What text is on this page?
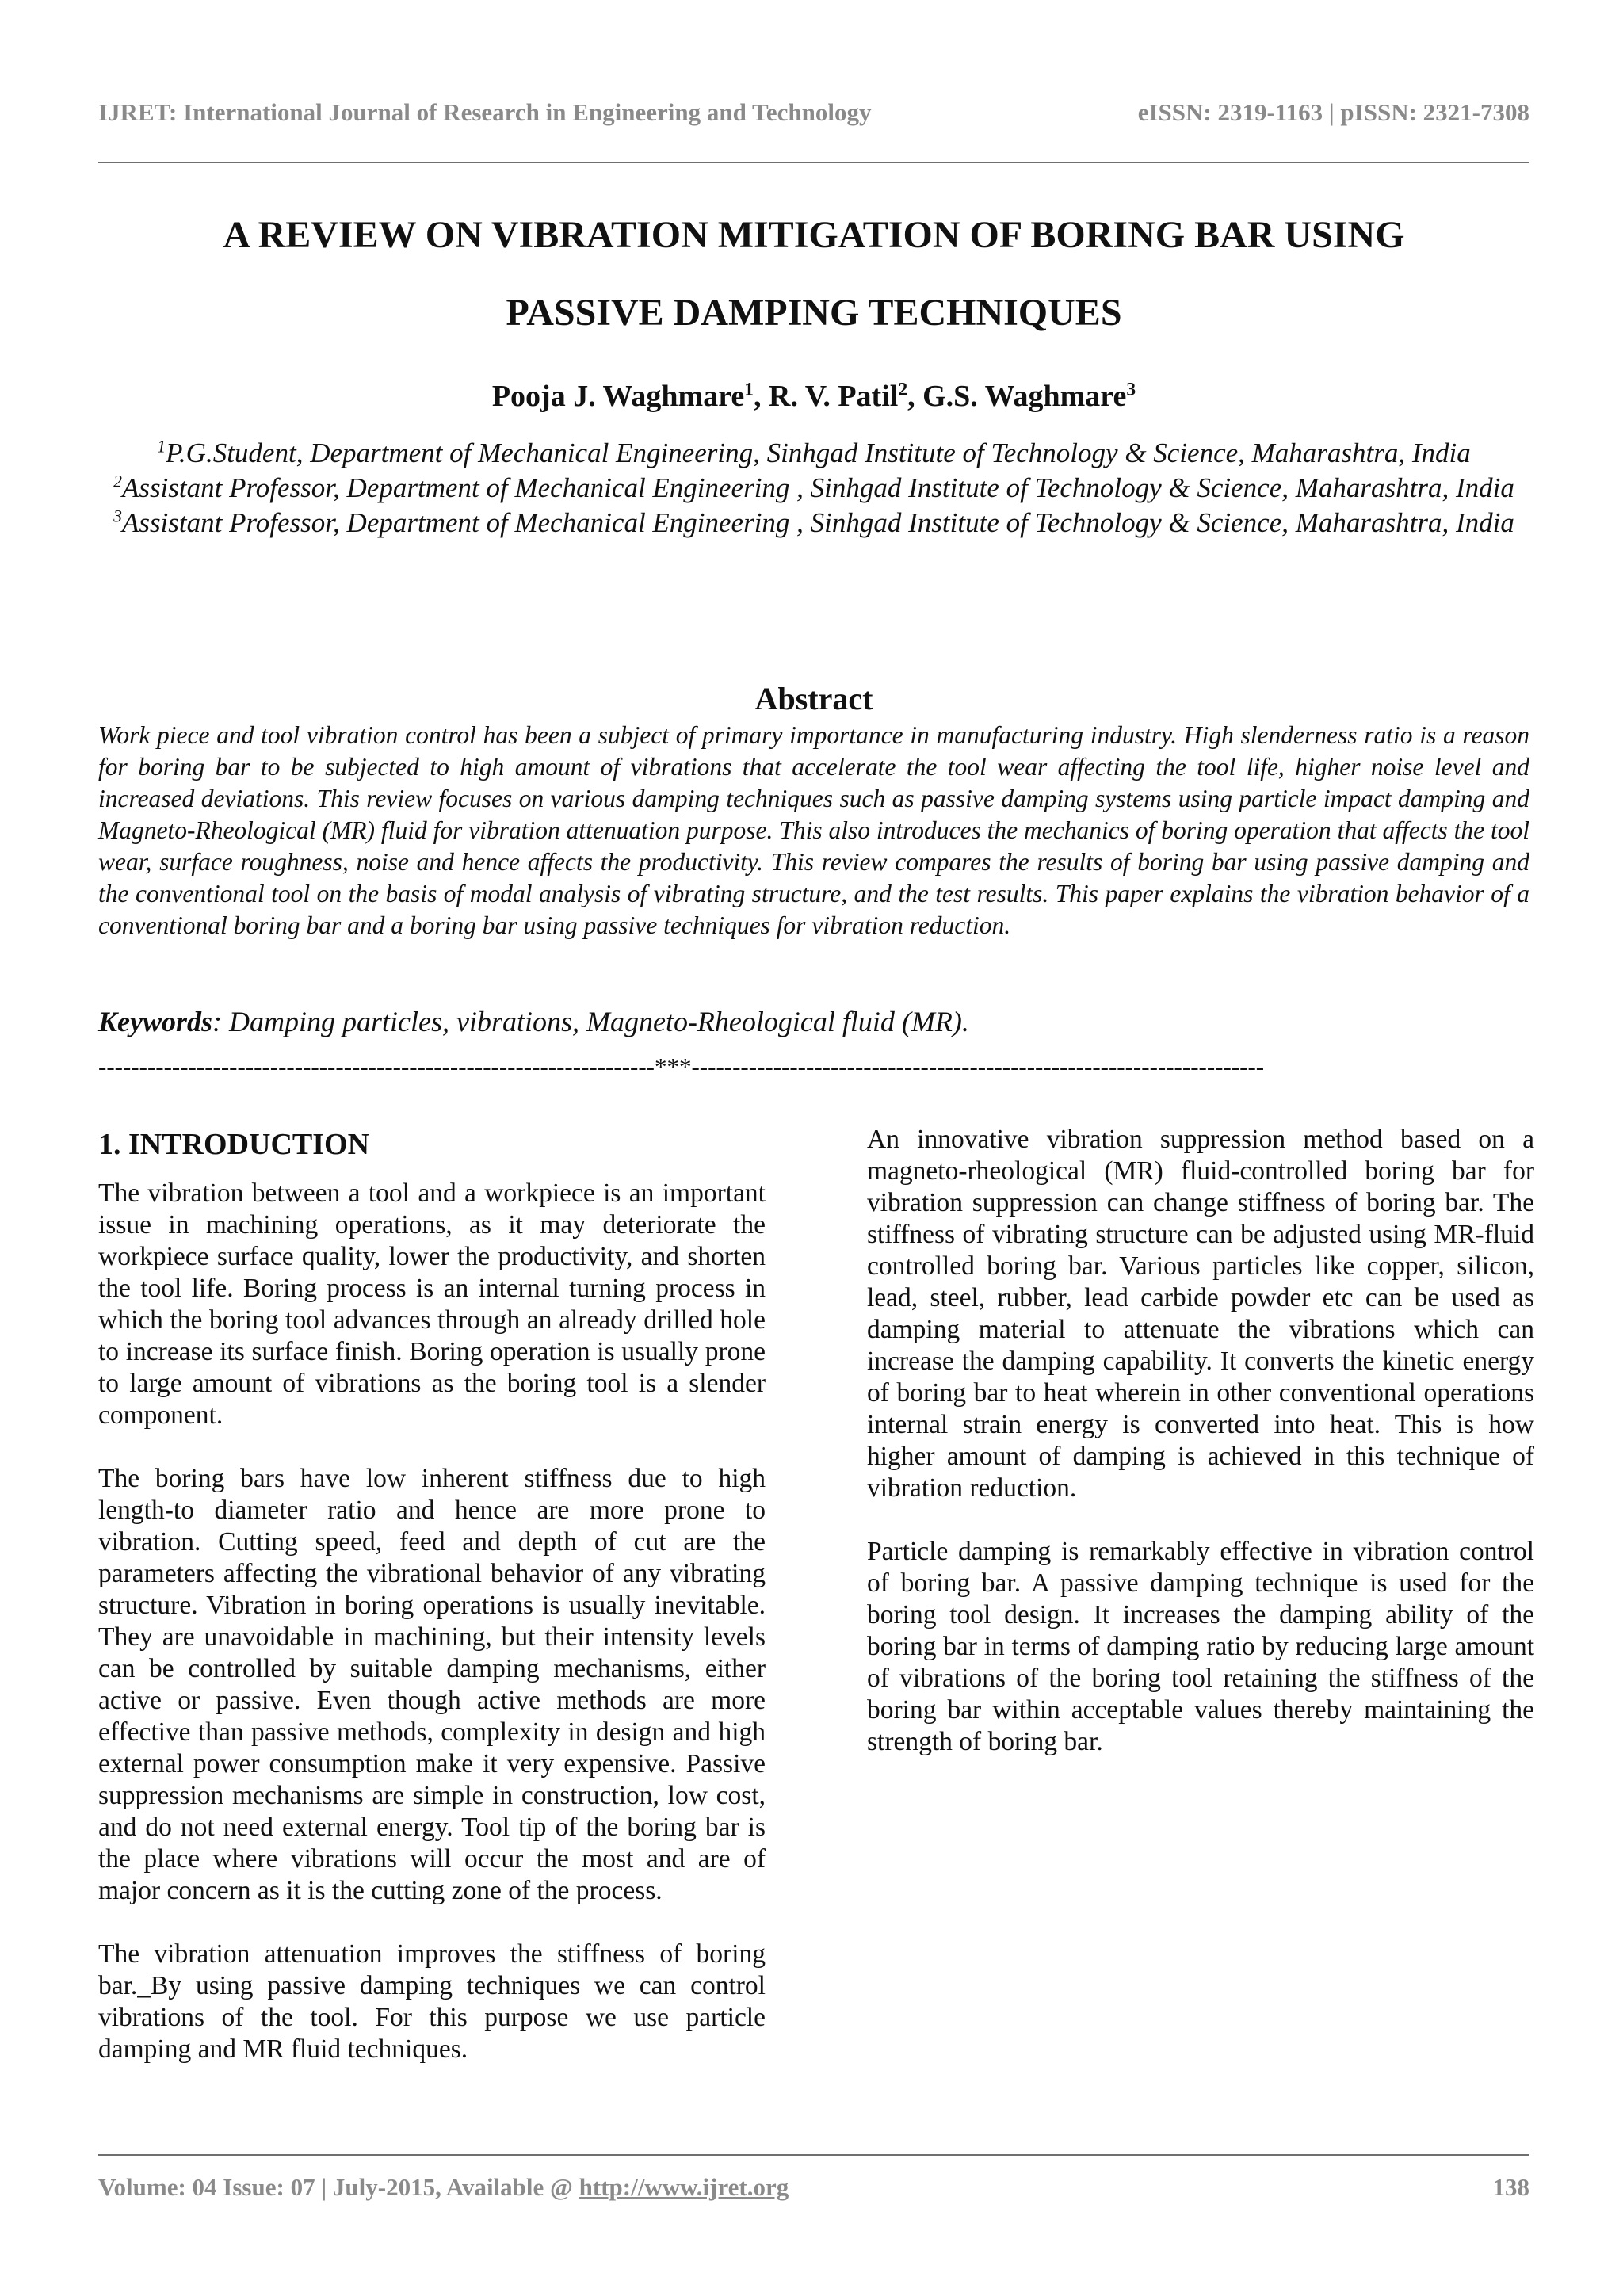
IJRET: International Journal of Research in Engineering and Technology	eISSN: 2319-1163 | pISSN: 2321-7308
A REVIEW ON VIBRATION MITIGATION OF BORING BAR USING
PASSIVE DAMPING TECHNIQUES

Pooja J. Waghmare$^1$, R. V. Patil$^2$, G.S. Waghmare$^3$

$^1$P.G.Student, Department of Mechanical Engineering, Sinhgad Institute of Technology & Science, Maharashtra, India

$^2$Assistant Professor, Department of Mechanical Engineering , Sinhgad Institute of Technology & Science, Maharashtra, India

$^3$Assistant Professor, Department of Mechanical Engineering , Sinhgad Institute of Technology & Science, Maharashtra, India

Abstract

Work piece and tool vibration control has been a subject of primary importance in manufacturing industry. High slenderness ratio is a reason for boring bar to be subjected to high amount of vibrations that accelerate the tool wear affecting the tool life, higher noise level and increased deviations. This review focuses on various damping techniques such as passive damping systems using particle impact damping and Magneto-Rheological (MR) fluid for vibration attenuation purpose. This also introduces the mechanics of boring operation that affects the tool wear, surface roughness, noise and hence affects the productivity. This review compares the results of boring bar using passive damping and the conventional tool on the basis of modal analysis of vibrating structure, and the test results. This paper explains the vibration behavior of a conventional boring bar and a boring bar using passive techniques for vibration reduction.

Keywords: Damping particles, vibrations, Magneto-Rheological fluid (MR).

--------------------------------------------------------------------***----------------------------------------------------------------------
1. INTRODUCTION

The vibration between a tool and a workpiece is an important issue in machining operations, as it may deteriorate the workpiece surface quality, lower the productivity, and shorten the tool life. Boring process is an internal turning process in which the boring tool advances through an already drilled hole to increase its surface finish. Boring operation is usually prone to large amount of vibrations as the boring tool is a slender component.

The boring bars have low inherent stiffness due to high length-to diameter ratio and hence are more prone to vibration. Cutting speed, feed and depth of cut are the parameters affecting the vibrational behavior of any vibrating structure. Vibration in boring operations is usually inevitable. They are unavoidable in machining, but their intensity levels can be controlled by suitable damping mechanisms, either active or passive. Even though active methods are more effective than passive methods, complexity in design and high external power consumption make it very expensive. Passive suppression mechanisms are simple in construction, low cost, and do not need external energy. Tool tip of the boring bar is the place where vibrations will occur the most and are of major concern as it is the cutting zone of the process.

The vibration attenuation improves the stiffness of boring bar._By using passive damping techniques we can control vibrations of the tool. For this purpose we use particle damping and MR fluid techniques.

An innovative vibration suppression method based on a magneto-rheological (MR) fluid-controlled boring bar for vibration suppression can change stiffness of boring bar. The stiffness of vibrating structure can be adjusted using MR-fluid controlled boring bar. Various particles like copper, silicon, lead, steel, rubber, lead carbide powder etc can be used as damping material to attenuate the vibrations which can increase the damping capability. It converts the kinetic energy of boring bar to heat wherein in other conventional operations internal strain energy is converted into heat. This is how higher amount of damping is achieved in this technique of vibration reduction.

Particle damping is remarkably effective in vibration control of boring bar. A passive damping technique is used for the boring tool design. It increases the damping ability of the boring bar in terms of damping ratio by reducing large amount of vibrations of the boring tool retaining the stiffness of the boring bar within acceptable values thereby maintaining the strength of boring bar.

Volume: 04 Issue: 07 | July-2015, Available @ http://www.ijret.org	138
